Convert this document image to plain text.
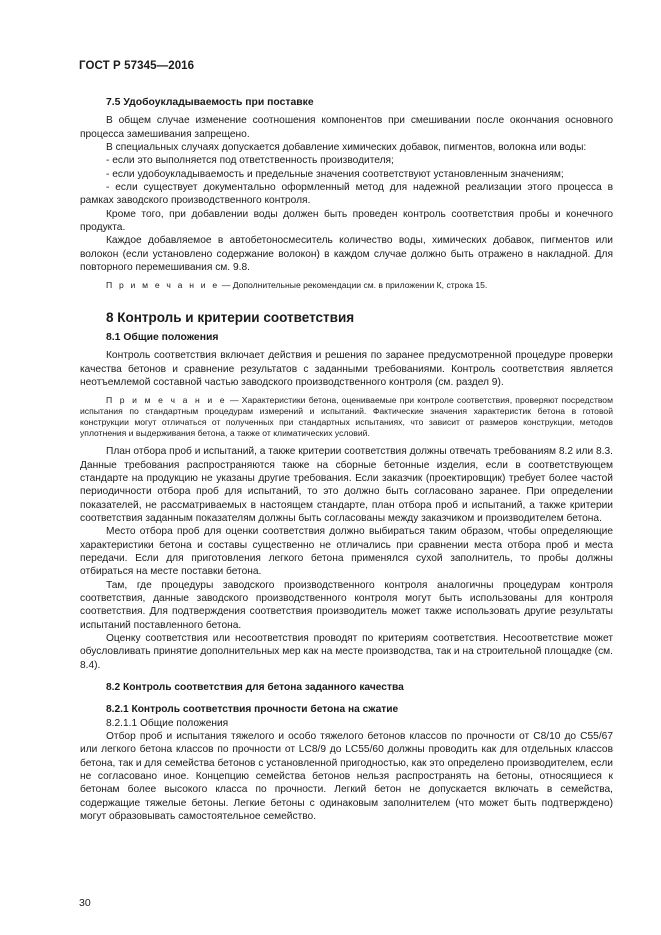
ГОСТ Р 57345—2016
7.5 Удобоукладываемость при поставке

В общем случае изменение соотношения компонентов при смешивании после окончания основного процесса замешивания запрещено.

В специальных случаях допускается добавление химических добавок, пигментов, волокна или воды:

- если это выполняется под ответственность производителя;

- если удобоукладываемость и предельные значения соответствуют установленным значениям;

- если существует документально оформленный метод для надежной реализации этого процесса в рамках заводского производственного контроля.

Кроме того, при добавлении воды должен быть проведен контроль соответствия пробы и конечного продукта.

Каждое добавляемое в автобетоносмеситель количество воды, химических добавок, пигментов или волокон (если установлено содержание волокон) в каждом случае должно быть отражено в накладной. Для повторного перемешивания см. 9.8.

П р и м е ч а н и е — Дополнительные рекомендации см. в приложении К, строка 15.

8 Контроль и критерии соответствия
8.1 Общие положения

Контроль соответствия включает действия и решения по заранее предусмотренной процедуре проверки качества бетонов и сравнение результатов с заданными требованиями. Контроль соответствия является неотъемлемой составной частью заводского производственного контроля (см. раздел 9).

П р и м е ч а н и е — Характеристики бетона, оцениваемые при контроле соответствия, проверяют посредством испытания по стандартным процедурам измерений и испытаний. Фактические значения характеристик бетона в готовой конструкции могут отличаться от полученных при стандартных испытаниях, что зависит от размеров конструкции, методов уплотнения и выдерживания бетона, а также от климатических условий.

План отбора проб и испытаний, а также критерии соответствия должны отвечать требованиям 8.2 или 8.3. Данные требования распространяются также на сборные бетонные изделия, если в соответствующем стандарте на продукцию не указаны другие требования. Если заказчик (проектировщик) требует более частой периодичности отбора проб для испытаний, то это должно быть согласовано заранее. При определении показателей, не рассматриваемых в настоящем стандарте, план отбора проб и испытаний, а также критерии соответствия заданным показателям должны быть согласованы между заказчиком и производителем бетона.

Место отбора проб для оценки соответствия должно выбираться таким образом, чтобы определяющие характеристики бетона и составы существенно не отличались при сравнении места отбора проб и места передачи. Если для приготовления легкого бетона применялся сухой заполнитель, то пробы должны отбираться на месте поставки бетона.

Там, где процедуры заводского производственного контроля аналогичны процедурам контроля соответствия, данные заводского производственного контроля могут быть использованы для контроля соответствия. Для подтверждения соответствия производитель может также использовать другие результаты испытаний поставленного бетона.

Оценку соответствия или несоответствия проводят по критериям соответствия. Несоответствие может обусловливать принятие дополнительных мер как на месте производства, так и на строительной площадке (см. 8.4).

8.2 Контроль соответствия для бетона заданного качества
8.2.1 Контроль соответствия прочности бетона на сжатие
8.2.1.1 Общие положения

Отбор проб и испытания тяжелого и особо тяжелого бетонов классов по прочности от С8/10 до С55/67 или легкого бетона классов по прочности от LC8/9 до LC55/60 должны проводить как для отдельных классов бетона, так и для семейства бетонов с установленной пригодностью, как это определено производителем, если не согласовано иное. Концепцию семейства бетонов нельзя распространять на бетоны, относящиеся к бетонам более высокого класса по прочности. Легкий бетон не допускается включать в семейства, содержащие тяжелые бетоны. Легкие бетоны с одинаковым заполнителем (что может быть подтверждено) могут образовывать самостоятельное семейство.

30
